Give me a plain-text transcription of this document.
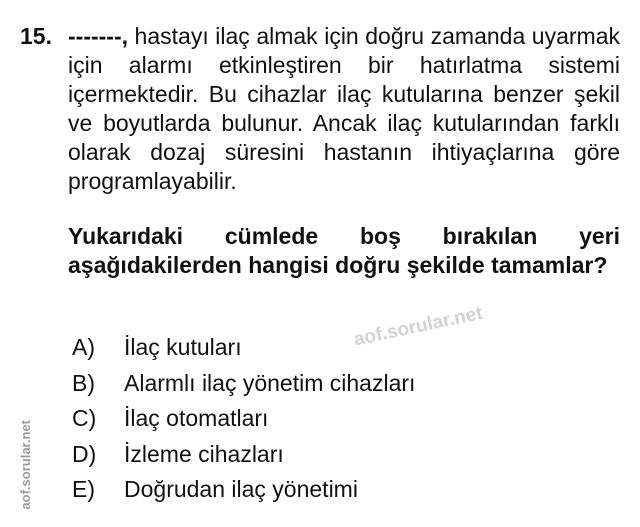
15. -------, hastayı ilaç almak için doğru zamanda uyarmak için alarmı etkinleştiren bir hatırlatma sistemi içermektedir. Bu cihazlar ilaç kutularına benzer şekil ve boyutlarda bulunur. Ancak ilaç kutularından farklı olarak dozaj süresini hastanın ihtiyaçlarına göre programlayabilir.
Yukarıdaki cümlede boş bırakılan yeri aşağıdakilerden hangisi doğru şekilde tamamlar?
A)	İlaç kutuları
B)	Alarmlı ilaç yönetim cihazları
C)	İlaç otomatları
D)	İzleme cihazları
E)	Doğrudan ilaç yönetimi
aof.sorular.net
aof.sorular.net
